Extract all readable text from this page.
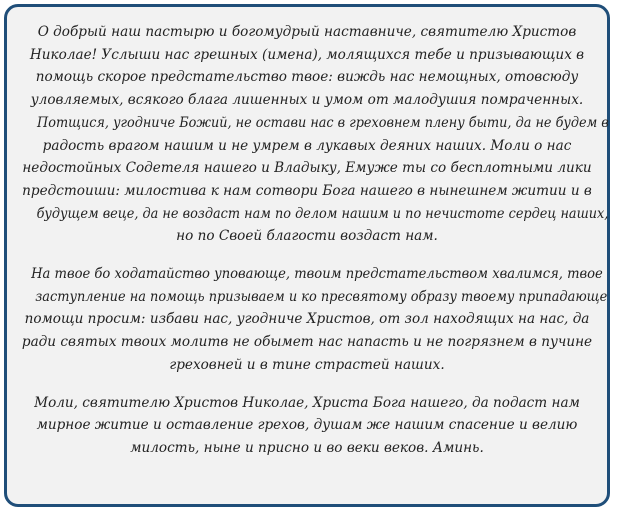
О добрый наш пастырю и богомудрый наставниче, святителю Христов
Николае! Услыши нас грешных (имена), молящихся тебе и призывающих в
помощь скорое предстательство твое: виждь нас немощных, отовсюду
уловляемых, всякого блага лишенных и умом от малодушия помраченных.
Потщися, угодниче Божий, не остави нас в греховнем плену быти, да не будем в
радость врагом нашим и не умрем в лукавых деяних наших. Моли о нас
недостойных Содетеля нашего и Владыку, Емуже ты со бесплотными лики
предстоиши: милостива к нам сотвори Бога нашего в нынешнем житии и в
будущем веце, да не воздаст нам по делом нашим и по нечистоте сердец наших,
но по Своей благости воздаст нам.

На твое бо ходатайство уповающе, твоим предстательством хвалимся, твое
заступление на помощь призываем и ко пресвятому образу твоему припадающе
помощи просим: избави нас, угодниче Христов, от зол находящих на нас, да
ради святых твоих молитв не обымет нас напасть и не погрязнем в пучине
греховней и в тине страстей наших.

Моли, святителю Христов Николае, Христа Бога нашего, да подаст нам
мирное житие и оставление грехов, душам же нашим спасение и велию
милость, ныне и присно и во веки веков. Аминь.
